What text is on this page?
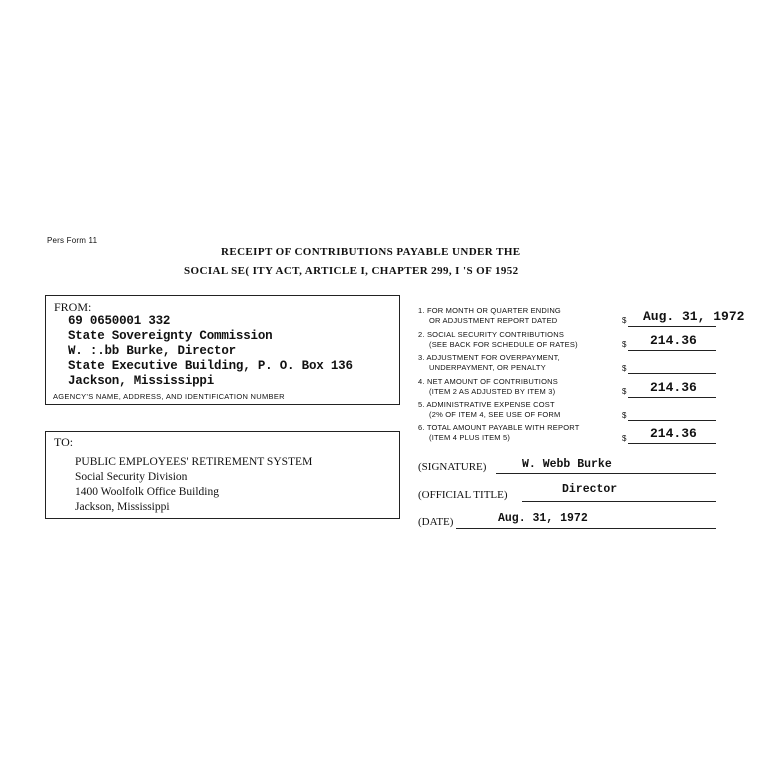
Pers Form 11
RECEIPT OF CONTRIBUTIONS PAYABLE UNDER THE
SOCIAL SE( ITY ACT, ARTICLE I, CHAPTER 299, I 'S OF 1952
FROM:
69 0650001 332
State Sovereignty Commission
W. :.bb Burke, Director
State Executive Building, P. O. Box 136
Jackson, Mississippi
AGENCY'S NAME, ADDRESS, AND IDENTIFICATION NUMBER
TO:
PUBLIC EMPLOYEES' RETIREMENT SYSTEM
Social Security Division
1400 Woolfolk Office Building
Jackson, Mississippi
1. FOR MONTH OR QUARTER ENDING
OR ADJUSTMENT REPORT DATED	$ Aug. 31, 1972
2. SOCIAL SECURITY CONTRIBUTIONS
(SEE BACK FOR SCHEDULE OF RATES)	$ 214.36
3. ADJUSTMENT FOR OVERPAYMENT,
UNDERPAYMENT, OR PENALTY	$
4. NET AMOUNT OF CONTRIBUTIONS
(ITEM 2 AS ADJUSTED BY ITEM 3)	$ 214.36
5. ADMINISTRATIVE EXPENSE COST
(2% OF ITEM 4, SEE USE OF FORM	$
6. TOTAL AMOUNT PAYABLE WITH REPORT
(ITEM 4 PLUS ITEM 5)	$ 214.36
(SIGNATURE)	W. Webb Burke
(OFFICIAL TITLE)	Director
(DATE)	Aug. 31, 1972
